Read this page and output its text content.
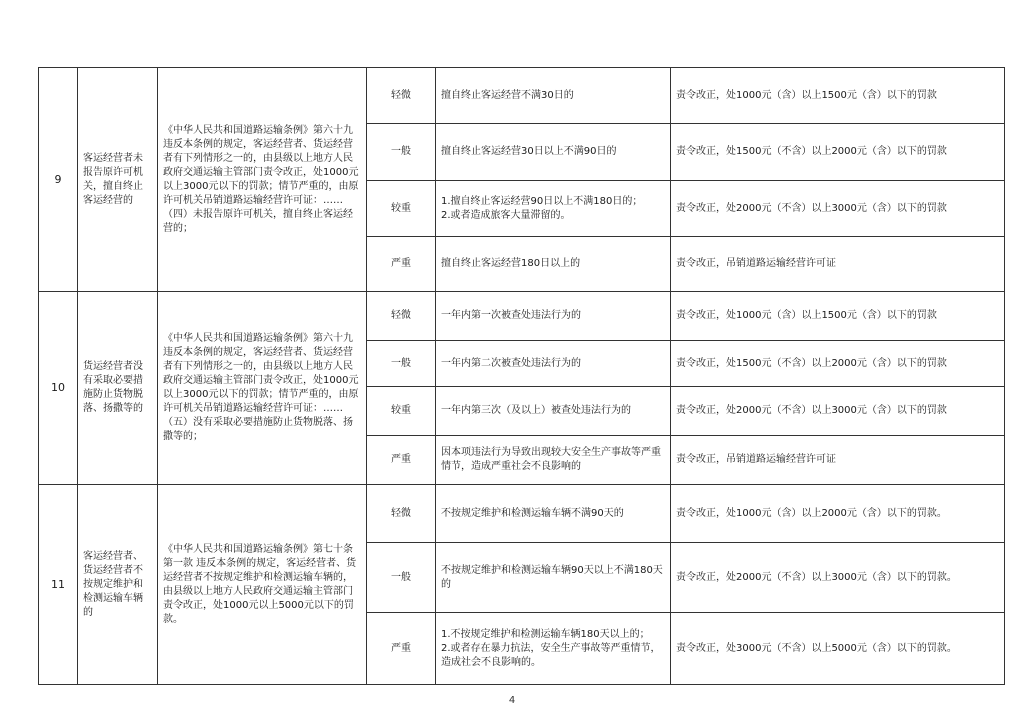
9	客运经营者未报告原许可机关，擅自终止客运经营的	《中华人民共和国道路运输条例》第六十九违反本条例的规定，客运经营者、货运经营者有下列情形之一的，由县级以上地方人民政府交通运输主管部门责令改正，处1000元以上3000元以下的罚款；情节严重的，由原许可机关吊销道路运输经营许可证：……（四）未报告原许可机关，擅自终止客运经营的；	轻微	擅自终止客运经营不满30日的	责令改正，处1000元（含）以上1500元（含）以下的罚款
			一般	擅自终止客运经营30日以上不满90日的	责令改正，处1500元（不含）以上2000元（含）以下的罚款
			较重	1.擅自终止客运经营90日以上不满180日的；
2.或者造成旅客大量滞留的。	责令改正，处2000元（不含）以上3000元（含）以下的罚款
			严重	擅自终止客运经营180日以上的	责令改正，吊销道路运输经营许可证
10	货运经营者没有采取必要措施防止货物脱落、扬撒等的	《中华人民共和国道路运输条例》第六十九违反本条例的规定，客运经营者、货运经营者有下列情形之一的，由县级以上地方人民政府交通运输主管部门责令改正，处1000元以上3000元以下的罚款；情节严重的，由原许可机关吊销道路运输经营许可证：……（五）没有采取必要措施防止货物脱落、扬撒等的；	轻微	一年内第一次被查处违法行为的	责令改正，处1000元（含）以上1500元（含）以下的罚款
			一般	一年内第二次被查处违法行为的	责令改正，处1500元（不含）以上2000元（含）以下的罚款
			较重	一年内第三次（及以上）被查处违法行为的	责令改正，处2000元（不含）以上3000元（含）以下的罚款
			严重	因本项违法行为导致出现较大安全生产事故等严重情节，造成严重社会不良影响的	责令改正，吊销道路运输经营许可证
11	客运经营者、货运经营者不按规定维护和检测运输车辆的	《中华人民共和国道路运输条例》第七十条第一款 违反本条例的规定，客运经营者、货运经营者不按规定维护和检测运输车辆的，由县级以上地方人民政府交通运输主管部门责令改正，处1000元以上5000元以下的罚款。	轻微	不按规定维护和检测运输车辆不满90天的	责令改正，处1000元（含）以上2000元（含）以下的罚款。
			一般	不按规定维护和检测运输车辆90天以上不满180天的	责令改正，处2000元（不含）以上3000元（含）以下的罚款。
			严重	1.不按规定维护和检测运输车辆180天以上的；
2.或者存在暴力抗法，安全生产事故等严重情节，造成社会不良影响的。	责令改正，处3000元（不含）以上5000元（含）以下的罚款。
4
